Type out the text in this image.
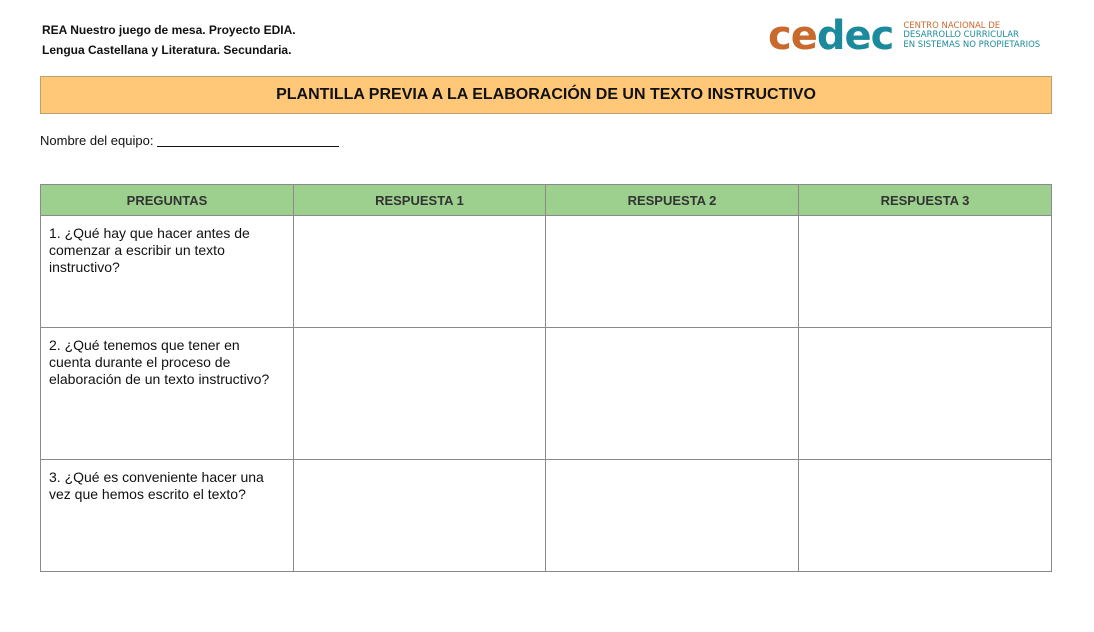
REA Nuestro juego de mesa. Proyecto EDIA.
Lengua Castellana y Literatura. Secundaria.	cedec CENTRO NACIONAL DE
DESARROLLO CURRICULAR
EN SISTEMAS NO PROPIETARIOS
PLANTILLA PREVIA A LA ELABORACIÓN DE UN TEXTO INSTRUCTIVO
Nombre del equipo:
PREGUNTAS	RESPUESTA 1	RESPUESTA 2	RESPUESTA 3
1. ¿Qué hay que hacer antes de comenzar a escribir un texto instructivo?			
2. ¿Qué tenemos que tener en cuenta durante el proceso de elaboración de un texto instructivo?			
3. ¿Qué es conveniente hacer una vez que hemos escrito el texto?			
